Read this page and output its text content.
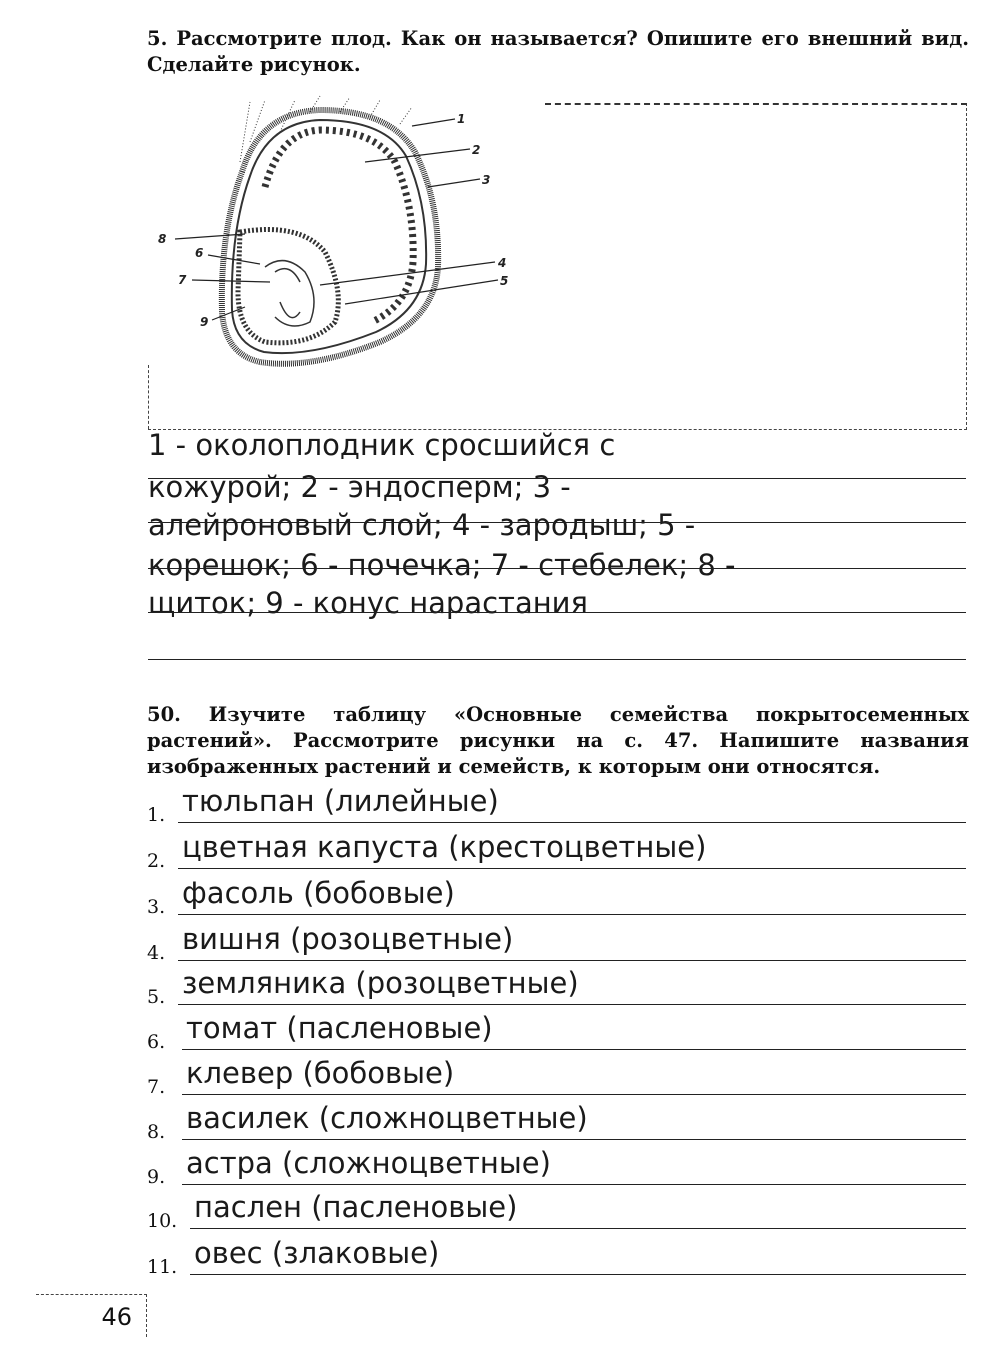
5. Рассмотрите плод. Как он называется? Опишите его внешний вид. Сделайте рисунок.
1
2
3
4
5
6
7
8
9
1 - околоплодник сросшийся с
кожурой; 2 - эндосперм; 3 -
алейроновый слой; 4 - зародыш; 5 -
корешок; 6 - почечка; 7 - стебелек; 8 -
щиток; 9 - конус нарастания
50. Изучите таблицу «Основные семейства покрытосеменных растений». Рассмотрите рисунки на с. 47. Напишите названия изображенных растений и семейств, к которым они относятся.
1. тюльпан (лилейные)
2. цветная капуста (крестоцветные)
3. фасоль (бобовые)
4. вишня (розоцветные)
5. земляника (розоцветные)
6. томат (пасленовые)
7. клевер (бобовые)
8. василек (сложноцветные)
9. астра (сложноцветные)
10. паслен (пасленовые)
11. овес (злаковые)
46
